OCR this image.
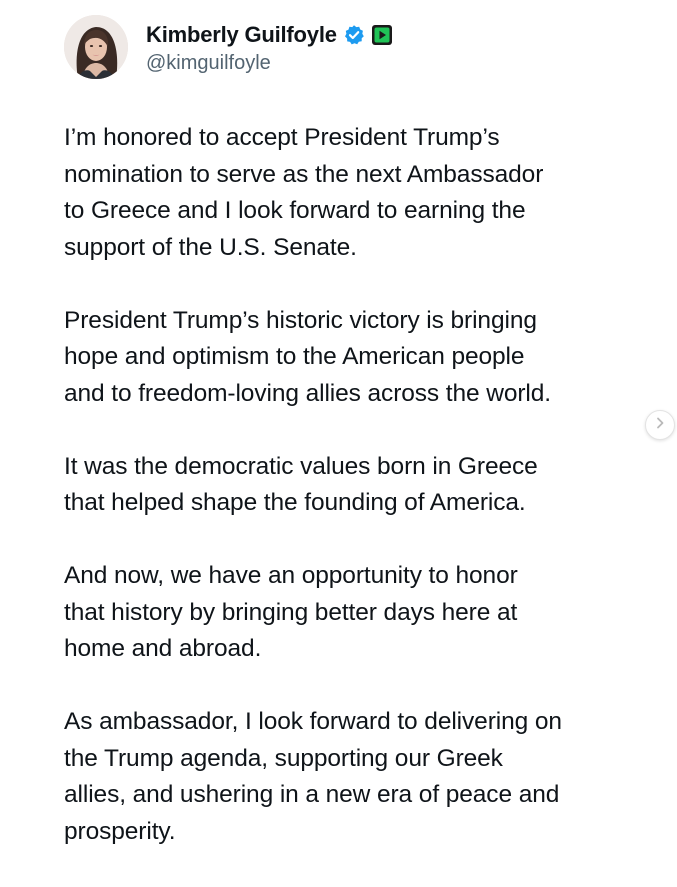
Kimberly Guilfoyle
@kimguilfoyle

I’m honored to accept President Trump’s
nomination to serve as the next Ambassador
to Greece and I look forward to earning the
support of the U.S. Senate.

President Trump’s historic victory is bringing
hope and optimism to the American people
and to freedom-loving allies across the world.

It was the democratic values born in Greece
that helped shape the founding of America.

And now, we have an opportunity to honor
that history by bringing better days here at
home and abroad.

As ambassador, I look forward to delivering on
the Trump agenda, supporting our Greek
allies, and ushering in a new era of peace and
prosperity.
